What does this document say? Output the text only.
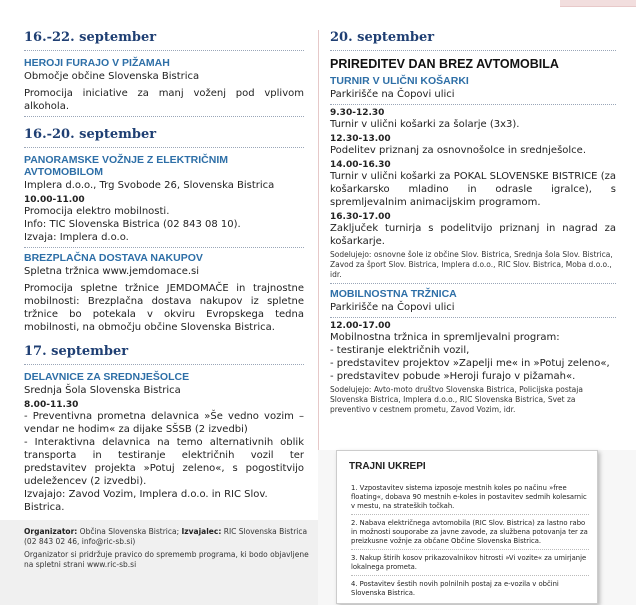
16.-22. september
HEROJI FURAJO V PIŽAMAH
Območje občine Slovenska Bistrica
Promocija iniciative za manj voženj pod vplivom alkohola.
16.-20. september
PANORAMSKE VOŽNJE Z ELEKTRIČNIM AVTOMOBILOM
Implera d.o.o., Trg Svobode 26, Slovenska Bistrica
10.00-11.00
Promocija elektro mobilnosti.
Info: TIC Slovenska Bistrica (02 843 08 10).
Izvaja: Implera d.o.o.
BREZPLAČNA DOSTAVA NAKUPOV
Spletna tržnica www.jemdomace.si
Promocija spletne tržnice JEMDOMAČE in trajnostne mobilnosti: Brezplačna dostava nakupov iz spletne tržnice bo potekala v okviru Evropskega tedna mobilnosti, na območju občine Slovenska Bistrica.
17. september
DELAVNICE ZA SREDNJEŠOLCE
Srednja Šola Slovenska Bistrica
8.00-11.30
- Preventivna prometna delavnica »Še vedno vozim – vendar ne hodim« za dijake SŠSB (2 izvedbi)
- Interaktivna delavnica na temo alternativnih oblik transporta in testiranje električnih vozil ter predstavitev projekta »Potuj zeleno«, s pogostitvijo udeležencev (2 izvedbi).
Izvajajo: Zavod Vozim, Implera d.o.o. in RIC Slov. Bistrica.
20. september
PRIREDITEV DAN BREZ AVTOMOBILA
TURNIR V ULIČNI KOŠARKI
Parkirišče na Čopovi ulici
9.30-12.30
Turnir v ulični košarki za šolarje (3x3).
12.30-13.00
Podelitev priznanj za osnovnošolce in srednješolce.
14.00-16.30
Turnir v ulični košarki za POKAL SLOVENSKE BISTRICE (za košarkarsko mladino in odrasle igralce), s spremljevalnim animacijskim programom.
16.30-17.00
Zaključek turnirja s podelitvijo priznanj in nagrad za košarkarje.
Sodelujejo: osnovne šole iz občine Slov. Bistrica, Srednja šola Slov. Bistrica, Zavod za šport Slov. Bistrica, Implera d.o.o., RIC Slov. Bistrica, Moba d.o.o., idr.
MOBILNOSTNA TRŽNICA
Parkirišče na Čopovi ulici
12.00-17.00
Mobilnostna tržnica in spremljevalni program:
- testiranje električnih vozil,
- predstavitev projektov »Zapelji me« in »Potuj zeleno«,
- predstavitev pobude »Heroji furajo v pižamah«.
Sodelujejo: Avto-moto društvo Slovenska Bistrica, Policijska postaja Slovenska Bistrica, Implera d.o.o., RIC Slovenska Bistrica, Svet za preventivo v cestnem prometu, Zavod Vozim, idr.
Organizator: Občina Slovenska Bistrica; Izvajalec: RIC Slovenska Bistrica
(02 843 02 46, info@ric-sb.si)
Organizator si pridržuje pravico do sprememb programa, ki bodo objavljene na spletni strani www.ric-sb.si
TRAJNI UKREPI
1. Vzpostavitev sistema izposoje mestnih koles po načinu »free floating«, dobava 90 mestnih e-koles in postavitev sedmih kolesarnic v mestu, na strateških točkah.
2. Nabava električnega avtomobila (RIC Slov. Bistrica) za lastno rabo in možnosti souporabe za javne zavode, za službena potovanja ter za preizkusne vožnje za občane Občine Slovenska Bistrica.
3. Nakup štirih kosov prikazovalnikov hitrosti »Vi vozite« za umirjanje lokalnega prometa.
4. Postavitev šestih novih polnilnih postaj za e-vozila v občini Slovenska Bistrica.
